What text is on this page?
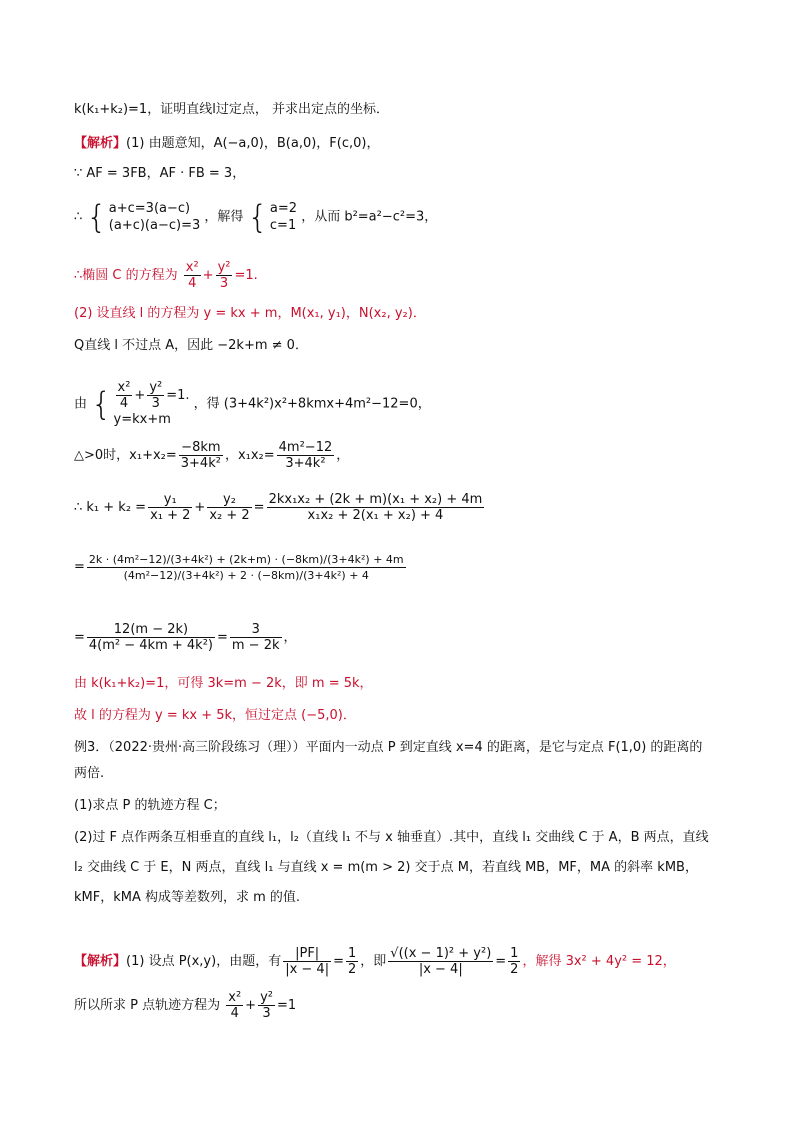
k(k₁+k₂)=1，证明直线l过定点， 并求出定点的坐标．
【解析】(1) 由题意知，A(−a,0)，B(a,0)，F(c,0)，
∵ AF = 3FB，AF · FB = 3，
∴ { a+c=3(a−c)
(a+c)(a−c)=3
，解得 { a=2
c=1
，从而 b²=a²−c²=3，
∴椭圆 C 的方程为 $\frac{\text{x²}}{4} + \frac{\text{y²}}{3} =1$.
(2) 设直线 l 的方程为 y = kx + m，M(x₁, y₁)，N(x₂, y₂)．
Q直线 l 不过点 A，因此 −2k+m ≠ 0．
由 { $\frac{\text{x²}}{4} + \frac{\text{y²}}{3} =1$.
y=kx+m
，得 (3+4k²)x²+8kmx+4m²−12=0，
△>0时，$x_1+x_2= \frac{-8km}{\text{3+4k²}}$ ，$x_1x_2= \frac{\text{4m²−12}}{\text{3+4k²}}$ ，
∴ $k_1 + k_2 = \frac{\text{y₁}}{\text{x₁ + 2}} + \frac{\text{y₂}}{\text{x₂ + 2}} = \frac{\text{2kx₁x₂ + (2k + m)(x₁ + x₂) + 4m}}{\text{x₁x₂ + 2(x₁ + x₂) + 4}}$
= $\frac{\text{2k · (4m²−12)/(3+4k²) + (2k+m) · (−8km)/(3+4k²) + 4m}}{\text{(4m²−12)/(3+4k²) + 2 · (−8km)/(3+4k²) + 4}}$
= $\frac{12(m - 2k)}{\text{4(m² − 4km + 4k²)}} = \frac{3}{m - 2k}$ ，
由 k(k₁+k₂)=1，可得 3k=m − 2k，即 m = 5k，
故 l 的方程为 y = kx + 5k，恒过定点 (−5,0)．
例3．（2022·贵州·高三阶段练习（理））平面内一动点 P 到定直线 x=4 的距离，是它与定点 F(1,0) 的距离的
两倍.
(1)求点 P 的轨迹方程 C；
(2)过 F 点作两条互相垂直的直线 l₁，l₂（直线 l₁ 不与 x 轴垂直）.其中，直线 l₁ 交曲线 C 于 A，B 两点，直线
l₂ 交曲线 C 于 E，N 两点，直线 l₁ 与直线 x = m(m > 2) 交于点 M，若直线 MB，MF，MA 的斜率 kMB，
kMF，kMA 构成等差数列，求 m 的值.
【解析】(1) 设点 P(x,y)，由题，有 $\frac{|PF|}{|x - 4|} = \frac{1}{2}$ ，即 $\frac{\text{√((x − 1)² + y²)}}{|x - 4|} = \frac{1}{2}$ ，解得 3x² + 4y² = 12，
所以所求 P 点轨迹方程为 $\frac{\text{x²}}{4} + \frac{\text{y²}}{3} =1$
